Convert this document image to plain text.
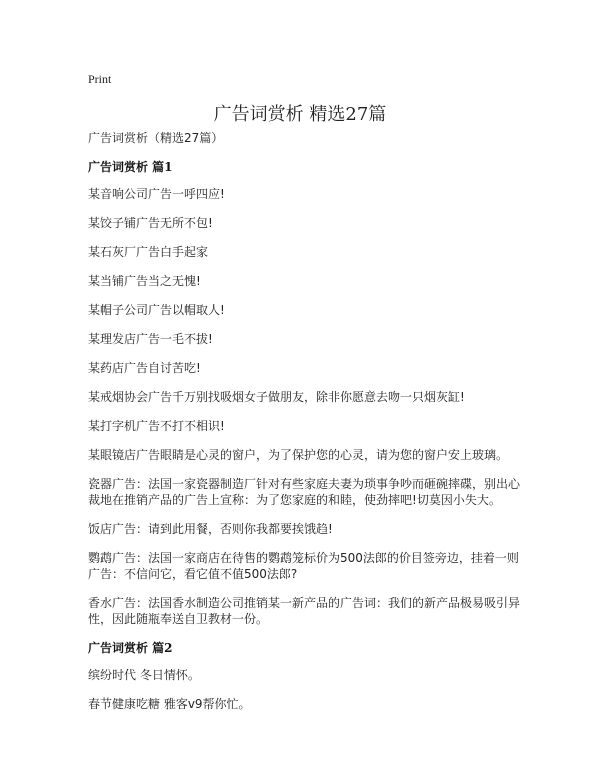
Print
广告词赏析 精选27篇

广告词赏析（精选27篇）

广告词赏析 篇1

某音响公司广告一呼四应!

某饺子铺广告无所不包!

某石灰厂广告白手起家

某当铺广告当之无愧!

某帽子公司广告以帽取人!

某理发店广告一毛不拔!

某药店广告自讨苦吃!

某戒烟协会广告千万别找吸烟女子做朋友，除非你愿意去吻一只烟灰缸!

某打字机广告不打不相识!

某眼镜店广告眼睛是心灵的窗户，为了保护您的心灵，请为您的窗户安上玻璃。

瓷器广告：法国一家瓷器制造厂针对有些家庭夫妻为琐事争吵而砸碗摔碟，别出心裁地在推销产品的广告上宣称：为了您家庭的和睦，使劲摔吧!切莫因小失大。

饭店广告：请到此用餐，否则你我都要挨饿趋!

鹦鹉广告：法国一家商店在待售的鹦鹉笼标价为500法郎的价目签旁边，挂着一则广告：不信问它，看它值不值500法郎?

香水广告：法国香水制造公司推销某一新产品的广告词：我们的新产品极易吸引异性，因此随瓶奉送自卫教材一份。

广告词赏析 篇2

缤纷时代 冬日情怀。

春节健康吃糖 雅客v9帮你忙。
